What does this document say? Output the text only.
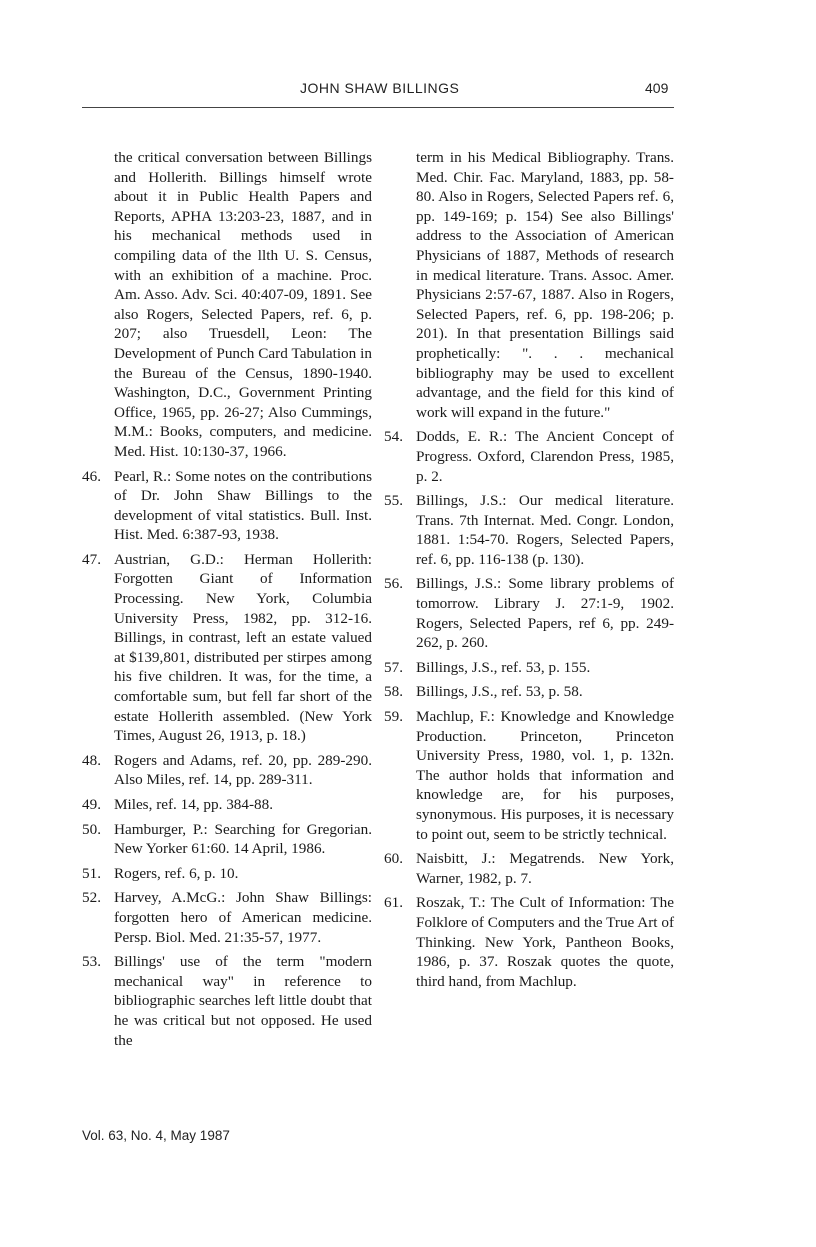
JOHN SHAW BILLINGS	409
the critical conversation between Billings and Hollerith. Billings himself wrote about it in Public Health Papers and Reports, APHA 13:203-23, 1887, and in his mechanical methods used in compiling data of the llth U. S. Census, with an exhibition of a machine. Proc. Am. Asso. Adv. Sci. 40:407-09, 1891. See also Rogers, Selected Papers, ref. 6, p. 207; also Truesdell, Leon: The Development of Punch Card Tabulation in the Bureau of the Census, 1890-1940. Washington, D.C., Government Printing Office, 1965, pp. 26-27; Also Cummings, M.M.: Books, computers, and medicine. Med. Hist. 10:130-37, 1966.
46. Pearl, R.: Some notes on the contributions of Dr. John Shaw Billings to the development of vital statistics. Bull. Inst. Hist. Med. 6:387-93, 1938.
47. Austrian, G.D.: Herman Hollerith: Forgotten Giant of Information Processing. New York, Columbia University Press, 1982, pp. 312-16. Billings, in contrast, left an estate valued at $139,801, distributed per stirpes among his five children. It was, for the time, a comfortable sum, but fell far short of the estate Hollerith assembled. (New York Times, August 26, 1913, p. 18.)
48. Rogers and Adams, ref. 20, pp. 289-290. Also Miles, ref. 14, pp. 289-311.
49. Miles, ref. 14, pp. 384-88.
50. Hamburger, P.: Searching for Gregorian. New Yorker 61:60. 14 April, 1986.
51. Rogers, ref. 6, p. 10.
52. Harvey, A.McG.: John Shaw Billings: forgotten hero of American medicine. Persp. Biol. Med. 21:35-57, 1977.
53. Billings' use of the term "modern mechanical way" in reference to bibliographic searches left little doubt that he was critical but not opposed. He used the
term in his Medical Bibliography. Trans. Med. Chir. Fac. Maryland, 1883, pp. 58-80. Also in Rogers, Selected Papers ref. 6, pp. 149-169; p. 154) See also Billings' address to the Association of American Physicians of 1887, Methods of research in medical literature. Trans. Assoc. Amer. Physicians 2:57-67, 1887. Also in Rogers, Selected Papers, ref. 6, pp. 198-206; p. 201). In that presentation Billings said prophetically: ". . . mechanical bibliography may be used to excellent advantage, and the field for this kind of work will expand in the future."
54. Dodds, E. R.: The Ancient Concept of Progress. Oxford, Clarendon Press, 1985, p. 2.
55. Billings, J.S.: Our medical literature. Trans. 7th Internat. Med. Congr. London, 1881. 1:54-70. Rogers, Selected Papers, ref. 6, pp. 116-138 (p. 130).
56. Billings, J.S.: Some library problems of tomorrow. Library J. 27:1-9, 1902. Rogers, Selected Papers, ref 6, pp. 249-262, p. 260.
57. Billings, J.S., ref. 53, p. 155.
58. Billings, J.S., ref. 53, p. 58.
59. Machlup, F.: Knowledge and Knowledge Production. Princeton, Princeton University Press, 1980, vol. 1, p. 132n. The author holds that information and knowledge are, for his purposes, synonymous. His purposes, it is necessary to point out, seem to be strictly technical.
60. Naisbitt, J.: Megatrends. New York, Warner, 1982, p. 7.
61. Roszak, T.: The Cult of Information: The Folklore of Computers and the True Art of Thinking. New York, Pantheon Books, 1986, p. 37. Roszak quotes the quote, third hand, from Machlup.
Vol. 63, No. 4, May 1987
